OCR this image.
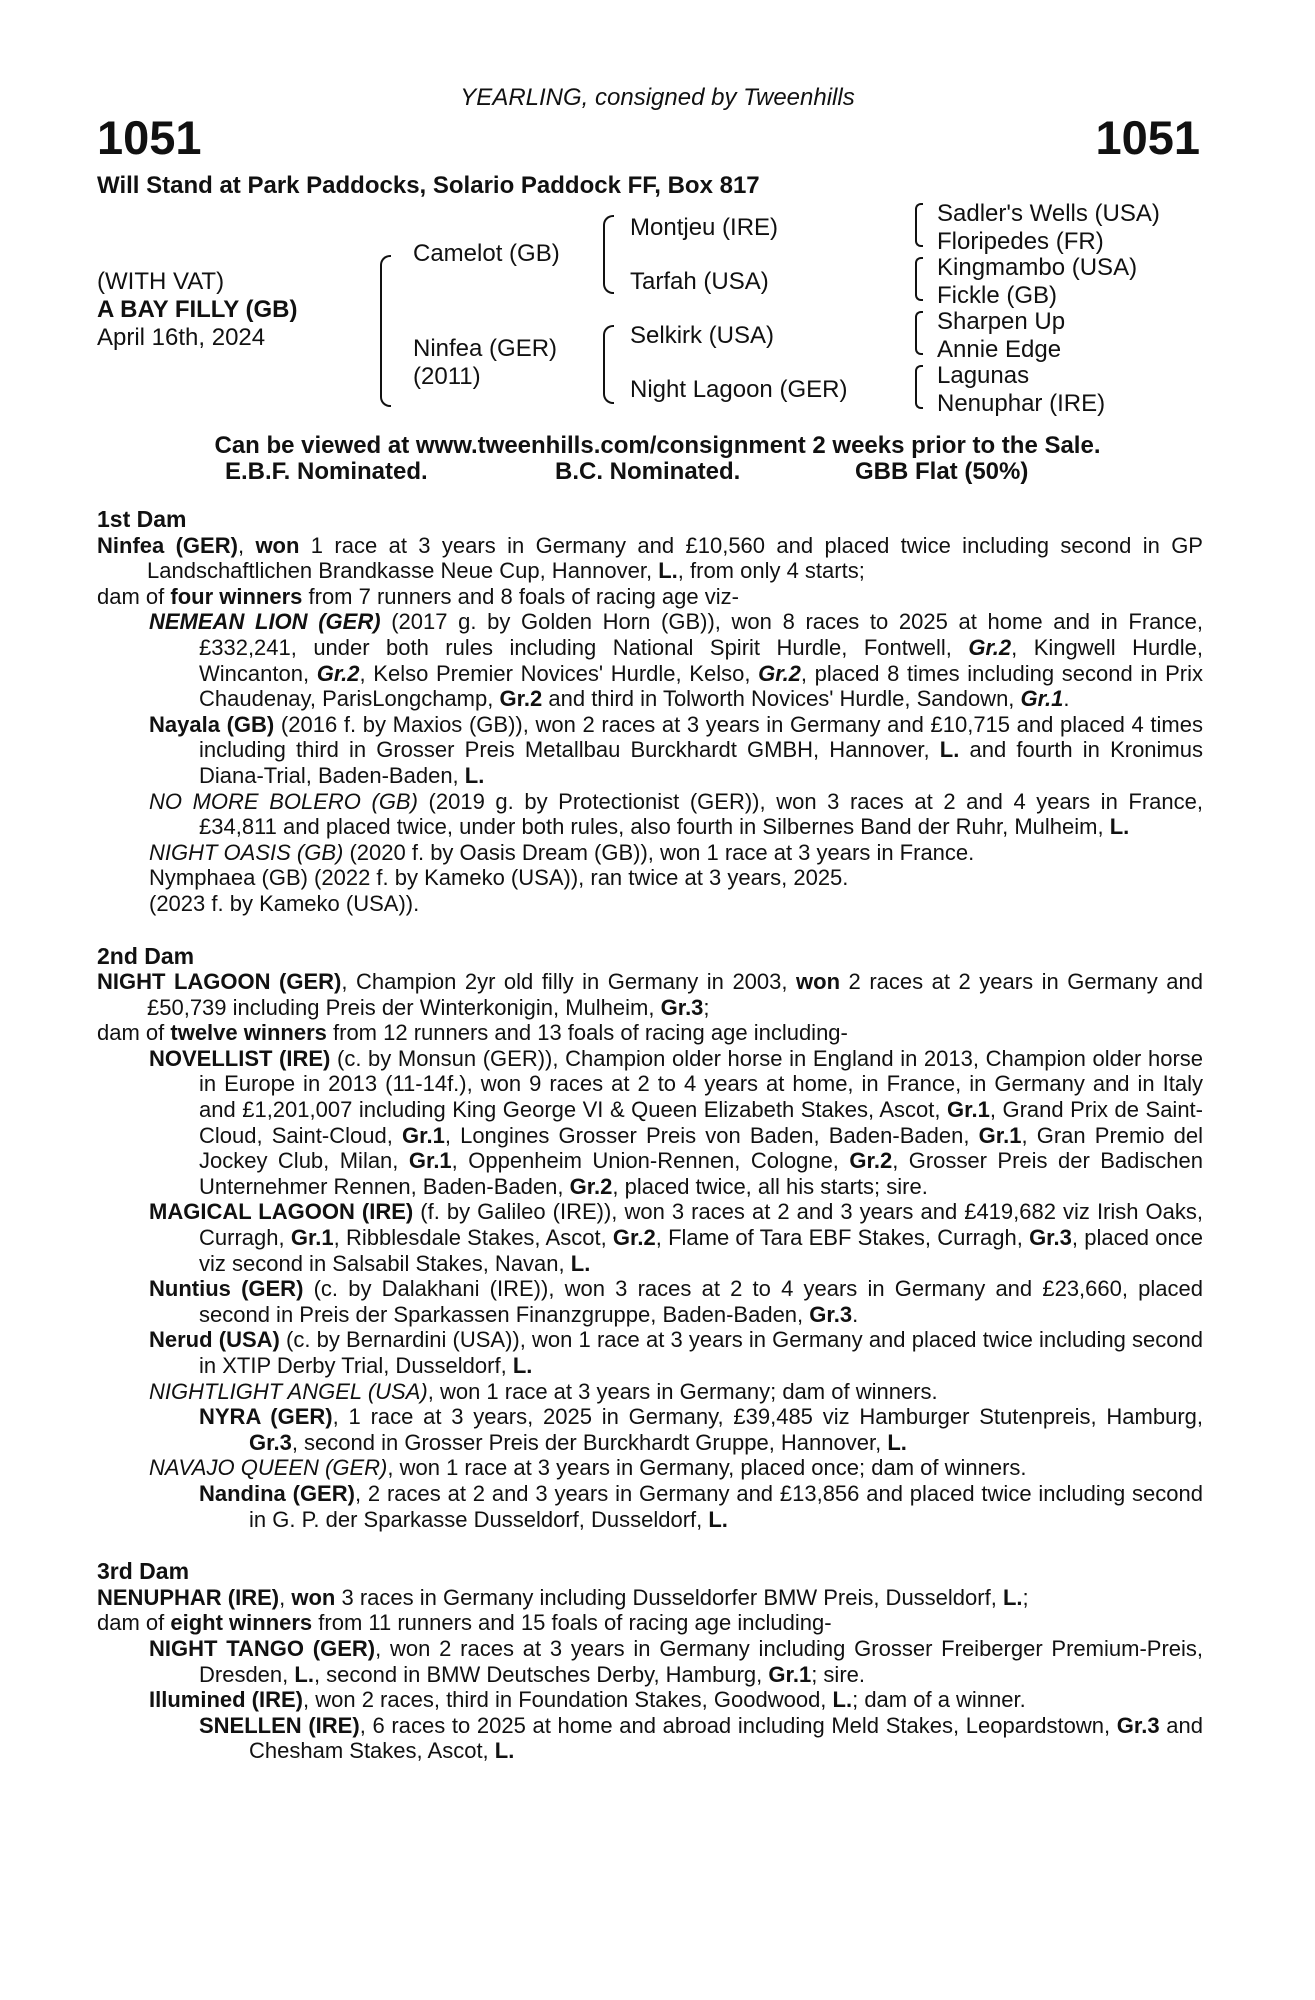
YEARLING, consigned by Tweenhills
1051	1051
Will Stand at Park Paddocks, Solario Paddock FF, Box 817
(WITH VAT)
A BAY FILLY (GB)
April 16th, 2024
Camelot (GB)
Ninfea (GER)
(2011)
Montjeu (IRE)
Tarfah (USA)
Selkirk (USA)
Night Lagoon (GER)
Sadler's Wells (USA)
Floripedes (FR)
Kingmambo (USA)
Fickle (GB)
Sharpen Up
Annie Edge
Lagunas
Nenuphar (IRE)
Can be viewed at www.tweenhills.com/consignment 2 weeks prior to the Sale.
E.B.F. Nominated.	B.C. Nominated.	GBB Flat (50%)
1st Dam
Ninfea (GER), won 1 race at 3 years in Germany and £10,560 and placed twice including second in GP Landschaftlichen Brandkasse Neue Cup, Hannover, L., from only 4 starts;
dam of four winners from 7 runners and 8 foals of racing age viz-
NEMEAN LION (GER) (2017 g. by Golden Horn (GB)), won 8 races to 2025 at home and in France, £332,241, under both rules including National Spirit Hurdle, Fontwell, Gr.2, Kingwell Hurdle, Wincanton, Gr.2, Kelso Premier Novices' Hurdle, Kelso, Gr.2, placed 8 times including second in Prix Chaudenay, ParisLongchamp, Gr.2 and third in Tolworth Novices' Hurdle, Sandown, Gr.1.
Nayala (GB) (2016 f. by Maxios (GB)), won 2 races at 3 years in Germany and £10,715 and placed 4 times including third in Grosser Preis Metallbau Burckhardt GMBH, Hannover, L. and fourth in Kronimus Diana-Trial, Baden-Baden, L.
NO MORE BOLERO (GB) (2019 g. by Protectionist (GER)), won 3 races at 2 and 4 years in France, £34,811 and placed twice, under both rules, also fourth in Silbernes Band der Ruhr, Mulheim, L.
NIGHT OASIS (GB) (2020 f. by Oasis Dream (GB)), won 1 race at 3 years in France.
Nymphaea (GB) (2022 f. by Kameko (USA)), ran twice at 3 years, 2025.
(2023 f. by Kameko (USA)).
2nd Dam
NIGHT LAGOON (GER), Champion 2yr old filly in Germany in 2003, won 2 races at 2 years in Germany and £50,739 including Preis der Winterkonigin, Mulheim, Gr.3;
dam of twelve winners from 12 runners and 13 foals of racing age including-
NOVELLIST (IRE) (c. by Monsun (GER)), Champion older horse in England in 2013, Champion older horse in Europe in 2013 (11-14f.), won 9 races at 2 to 4 years at home, in France, in Germany and in Italy and £1,201,007 including King George VI & Queen Elizabeth Stakes, Ascot, Gr.1, Grand Prix de Saint-Cloud, Saint-Cloud, Gr.1, Longines Grosser Preis von Baden, Baden-Baden, Gr.1, Gran Premio del Jockey Club, Milan, Gr.1, Oppenheim Union-Rennen, Cologne, Gr.2, Grosser Preis der Badischen Unternehmer Rennen, Baden-Baden, Gr.2, placed twice, all his starts; sire.
MAGICAL LAGOON (IRE) (f. by Galileo (IRE)), won 3 races at 2 and 3 years and £419,682 viz Irish Oaks, Curragh, Gr.1, Ribblesdale Stakes, Ascot, Gr.2, Flame of Tara EBF Stakes, Curragh, Gr.3, placed once viz second in Salsabil Stakes, Navan, L.
Nuntius (GER) (c. by Dalakhani (IRE)), won 3 races at 2 to 4 years in Germany and £23,660, placed second in Preis der Sparkassen Finanzgruppe, Baden-Baden, Gr.3.
Nerud (USA) (c. by Bernardini (USA)), won 1 race at 3 years in Germany and placed twice including second in XTIP Derby Trial, Dusseldorf, L.
NIGHTLIGHT ANGEL (USA), won 1 race at 3 years in Germany; dam of winners.
NYRA (GER), 1 race at 3 years, 2025 in Germany, £39,485 viz Hamburger Stutenpreis, Hamburg, Gr.3, second in Grosser Preis der Burckhardt Gruppe, Hannover, L.
NAVAJO QUEEN (GER), won 1 race at 3 years in Germany, placed once; dam of winners.
Nandina (GER), 2 races at 2 and 3 years in Germany and £13,856 and placed twice including second in G. P. der Sparkasse Dusseldorf, Dusseldorf, L.
3rd Dam
NENUPHAR (IRE), won 3 races in Germany including Dusseldorfer BMW Preis, Dusseldorf, L.;
dam of eight winners from 11 runners and 15 foals of racing age including-
NIGHT TANGO (GER), won 2 races at 3 years in Germany including Grosser Freiberger Premium-Preis, Dresden, L., second in BMW Deutsches Derby, Hamburg, Gr.1; sire.
Illumined (IRE), won 2 races, third in Foundation Stakes, Goodwood, L.; dam of a winner.
SNELLEN (IRE), 6 races to 2025 at home and abroad including Meld Stakes, Leopardstown, Gr.3 and Chesham Stakes, Ascot, L.
